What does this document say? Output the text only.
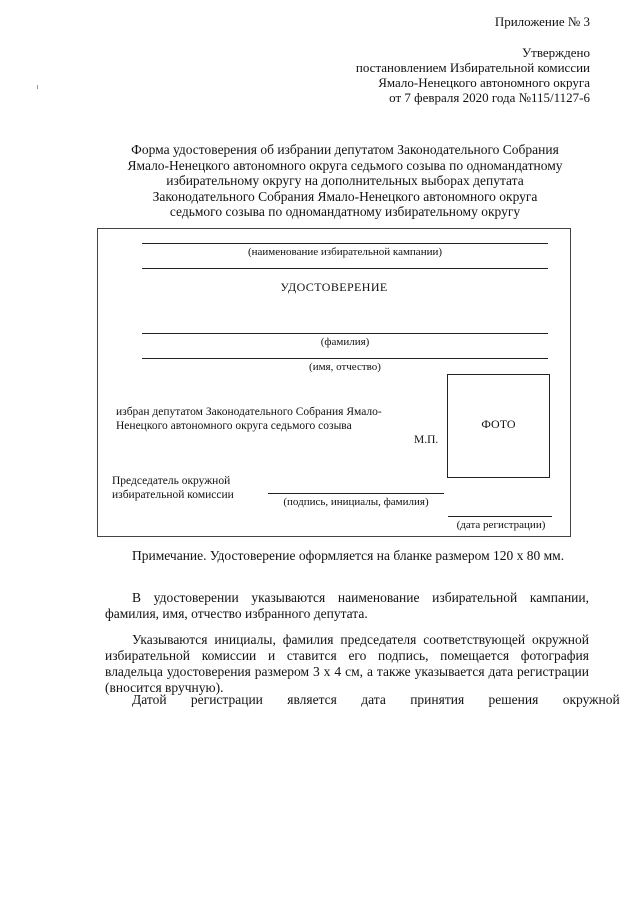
Приложение № 3
Утверждено
постановлением Избирательной комиссии
Ямало-Ненецкого автономного округа
от 7 февраля 2020 года №115/1127-6
Форма удостоверения об избрании депутатом Законодательного Собрания
Ямало-Ненецкого автономного округа седьмого созыва по одномандатному
избирательному округу на дополнительных выборах депутата
Законодательного Собрания Ямало-Ненецкого автономного округа
седьмого созыва по одномандатному избирательному округу
(наименование избирательной кампании)
УДОСТОВЕРЕНИЕ
(фамилия)
(имя, отчество)
избран депутатом Законодательного Собрания Ямало-
Ненецкого автономного округа седьмого созыва
М.П.
ФОТО
Председатель окружной
избирательной комиссии
(подпись, инициалы, фамилия)
(дата регистрации)
Примечание. Удостоверение оформляется на бланке размером 120 х 80 мм.
В удостоверении указываются наименование избирательной кампании, фамилия, имя, отчество избранного депутата.
Указываются инициалы, фамилия председателя соответствующей окружной избирательной комиссии и ставится его подпись, помещается фотография владельца удостоверения размером 3 х 4 см, а также указывается дата регистрации (вносится вручную).
Датой регистрации является дата принятия решения окружной
